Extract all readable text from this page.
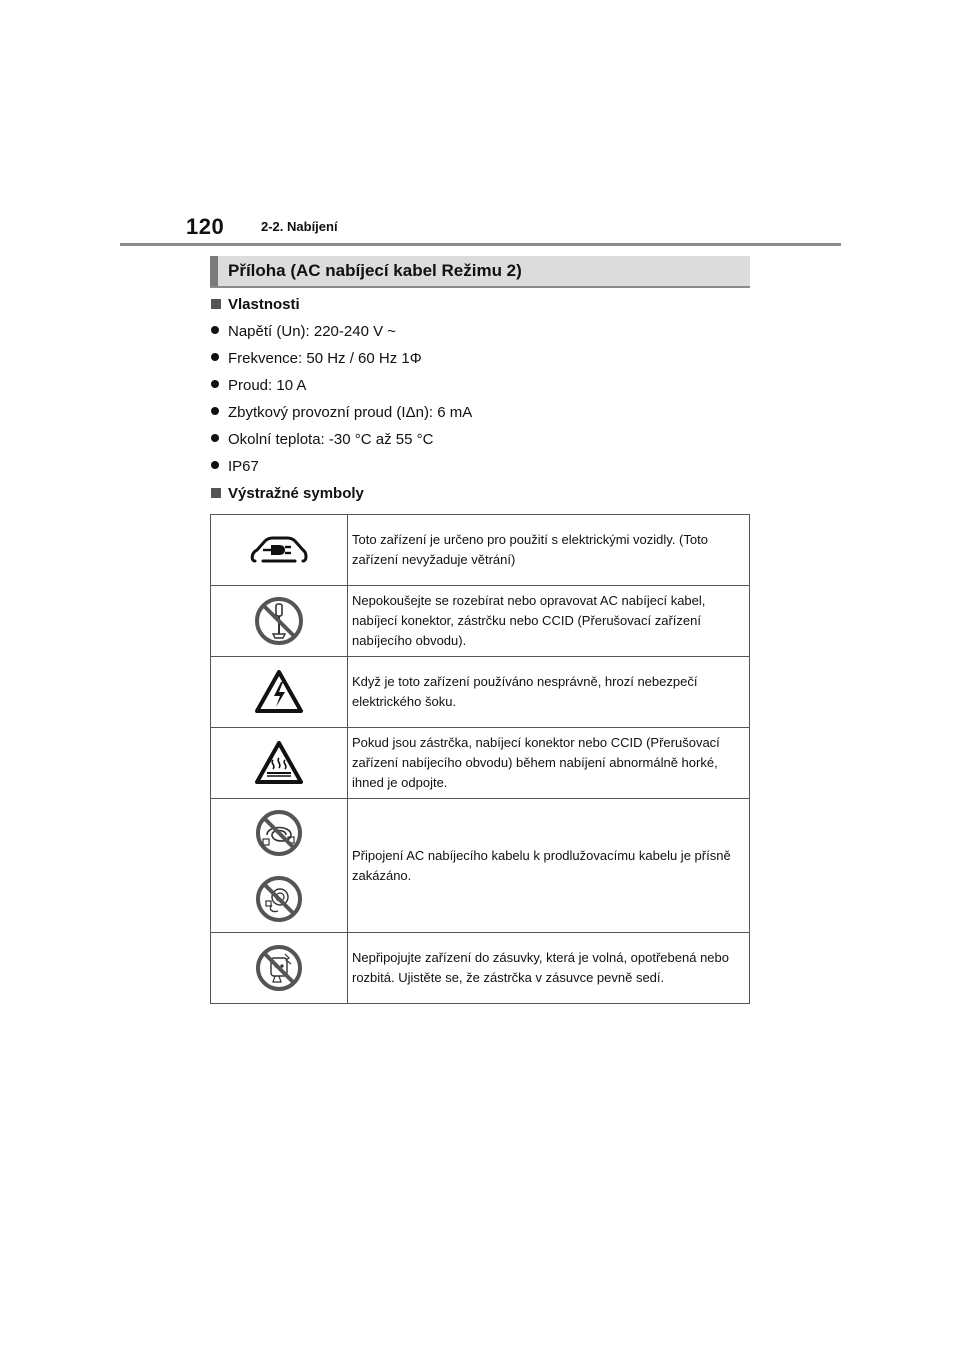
120	2-2. Nabíjení
Příloha (AC nabíjecí kabel Režimu 2)
Vlastnosti
Napětí (Un): 220-240 V ~
Frekvence: 50 Hz / 60 Hz 1Φ
Proud: 10 A
Zbytkový provozní proud (IΔn): 6 mA
Okolní teplota: -30 °C až 55 °C
IP67
Výstražné symboly
	Toto zařízení je určeno pro použití s elektrickými vozidly. (Toto zařízení nevyžaduje větrání)

	Nepokoušejte se rozebírat nebo opravovat AC nabíjecí kabel, nabíjecí konektor, zástrčku nebo CCID (Přerušovací zařízení nabíjecího obvodu).

	Když je toto zařízení používáno nesprávně, hrozí nebezpečí elektrického šoku.

	Pokud jsou zástrčka, nabíjecí konektor nebo CCID (Přerušovací zařízení nabíjecího obvodu) během nabíjení abnormálně horké, ihned je odpojte.

	Připojení AC nabíjecího kabelu k prodlužovacímu kabelu je přísně zakázáno.

	Nepřipojujte zařízení do zásuvky, která je volná, opotřebená nebo rozbitá. Ujistěte se, že zástrčka v zásuvce pevně sedí.
